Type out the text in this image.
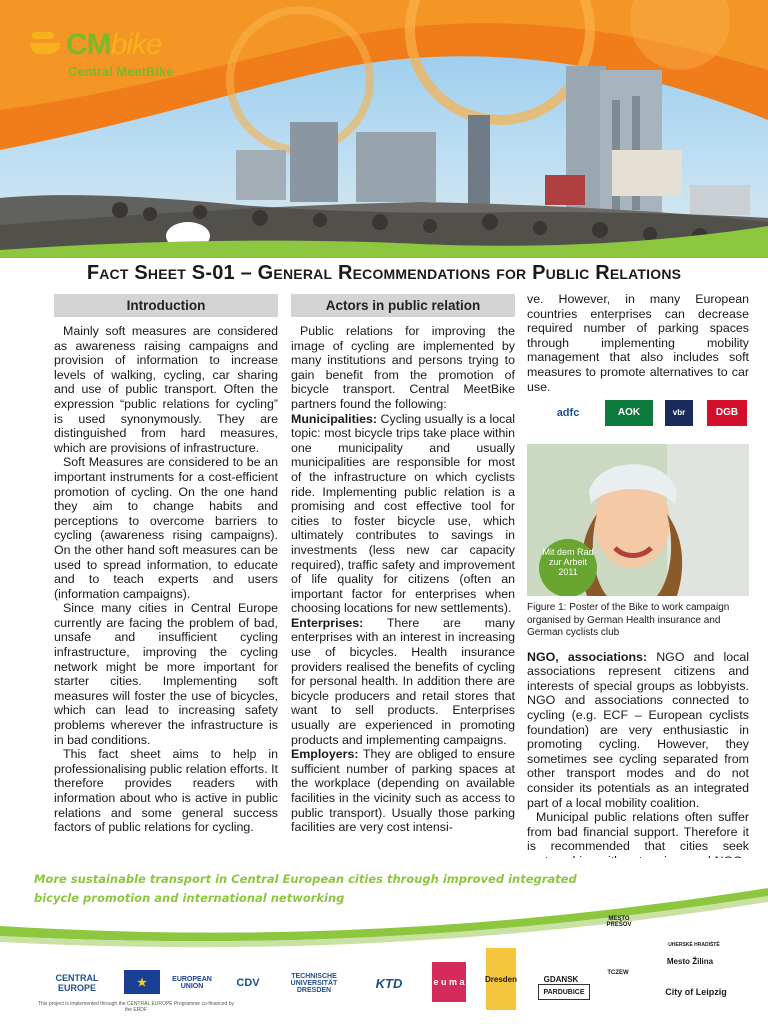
CMbike
Central MeetBike
Fact Sheet S-01 – General Recommendations for Public Relations
Introduction

Mainly soft measures are considered as awareness raising campaigns and provision of information to increase levels of walking, cycling, car sharing and use of public transport. Often the expression “public relations for cycling” is used synonymously. They are distinguished from hard measures, which are provisions of infrastructure.

Soft Measures are considered to be an important instruments for a cost-efficient promotion of cycling. On the one hand they aim to change habits and perceptions to overcome barriers to cycling (awareness rising campaigns). On the other hand soft measures can be used to spread information, to educate and to teach experts and users (information campaigns).

Since many cities in Central Europe currently are facing the problem of bad, unsafe and insufficient cycling infrastructure, improving the cycling network might be more important for starter cities. Implementing soft measures will foster the use of bicycles, which can lead to increasing safety problems wherever the infrastructure is in bad conditions.

This fact sheet aims to help in professionalising public relation efforts. It therefore provides readers with information about who is active in public relations and some general success factors of public relations for cycling.

Actors in public relation

Public relations for improving the image of cycling are implemented by many institutions and persons trying to gain benefit from the promotion of bicycle transport. Central MeetBike partners found the following:

Municipalities: Cycling usually is a local topic: most bicycle trips take place within one municipality and usually municipalities are responsible for most of the infrastructure on which cyclists ride. Implementing public relation is a promising and cost effective tool for cities to foster bicycle use, which ultimately contributes to savings in investments (less new car capacity required), traffic safety and improvement of life quality for citizens (often an important factor for enterprises when choosing locations for new settlements).

Enterprises: There are many enterprises with an interest in increasing use of bicycles. Health insurance providers realised the benefits of cycling for personal health. In addition there are bicycle producers and retail stores that want to sell products. Enterprises usually are experienced in promoting products and implementing campaigns.

Employers: They are obliged to ensure sufficient number of parking spaces at the workplace (depending on available facilities in the vicinity such as access to public transport). Usually those parking facilities are very cost intensi-

ve. However, in many European countries enterprises can decrease required number of parking spaces through implementing mobility management that also includes soft measures to promote alternatives to car use.

adfc	AOK	vbr	DGB
Mit dem Rad zur Arbeit 2011
Figure 1: Poster of the Bike to work campaign organised by German Health insurance and German cyclists club

NGO, associations: NGO and local associations represent citizens and interests of special groups as lobbyists. NGO and associations connected to cycling (e.g. ECF – European cyclists foundation) are very enthusiastic in promoting cycling. However, they sometimes see cycling separated from other transport modes and do not consider its potentials as an integrated part of a local mobility coalition.

Municipal public relations often suffer from bad financial support. Therefore it is recommended that cities seek

More sustainable transport in Central European cities through improved integrated
bicycle promotion and international networking
CENTRAL EUROPE	★	EUROPEAN UNION	CDV
TECHNISCHE UNIVERSITÄT DRESDEN	KTD	e u m a	Dresden	GDANSK
PARDUBICE
MESTO PREŠOV
TCZEW
UHERSKÉ HRADIŠTĚ
Mesto Žilina
City of Leipzig
This project is implemented through the CENTRAL EUROPE Programme co-financed by the ERDF
